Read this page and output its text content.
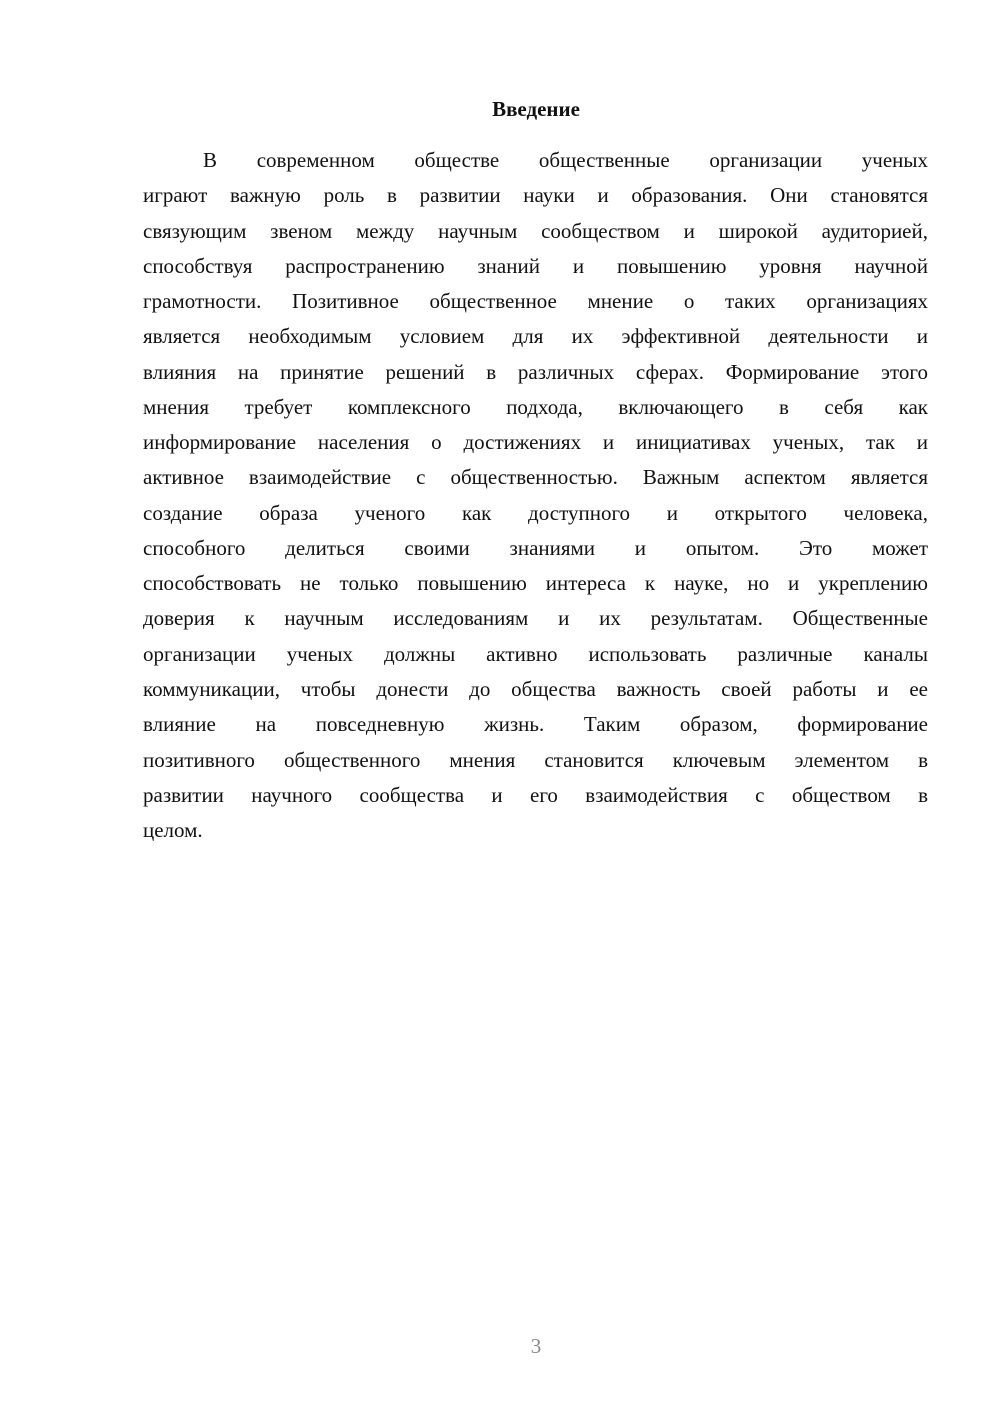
Введение
В современном обществе общественные организации ученых
играют важную роль в развитии науки и образования. Они становятся
связующим звеном между научным сообществом и широкой аудиторией,
способствуя распространению знаний и повышению уровня научной
грамотности. Позитивное общественное мнение о таких организациях
является необходимым условием для их эффективной деятельности и
влияния на принятие решений в различных сферах. Формирование этого
мнения требует комплексного подхода, включающего в себя как
информирование населения о достижениях и инициативах ученых, так и
активное взаимодействие с общественностью. Важным аспектом является
создание образа ученого как доступного и открытого человека,
способного делиться своими знаниями и опытом. Это может
способствовать не только повышению интереса к науке, но и укреплению
доверия к научным исследованиям и их результатам. Общественные
организации ученых должны активно использовать различные каналы
коммуникации, чтобы донести до общества важность своей работы и ее
влияние на повседневную жизнь. Таким образом, формирование
позитивного общественного мнения становится ключевым элементом в
развитии научного сообщества и его взаимодействия с обществом в
целом.
3
